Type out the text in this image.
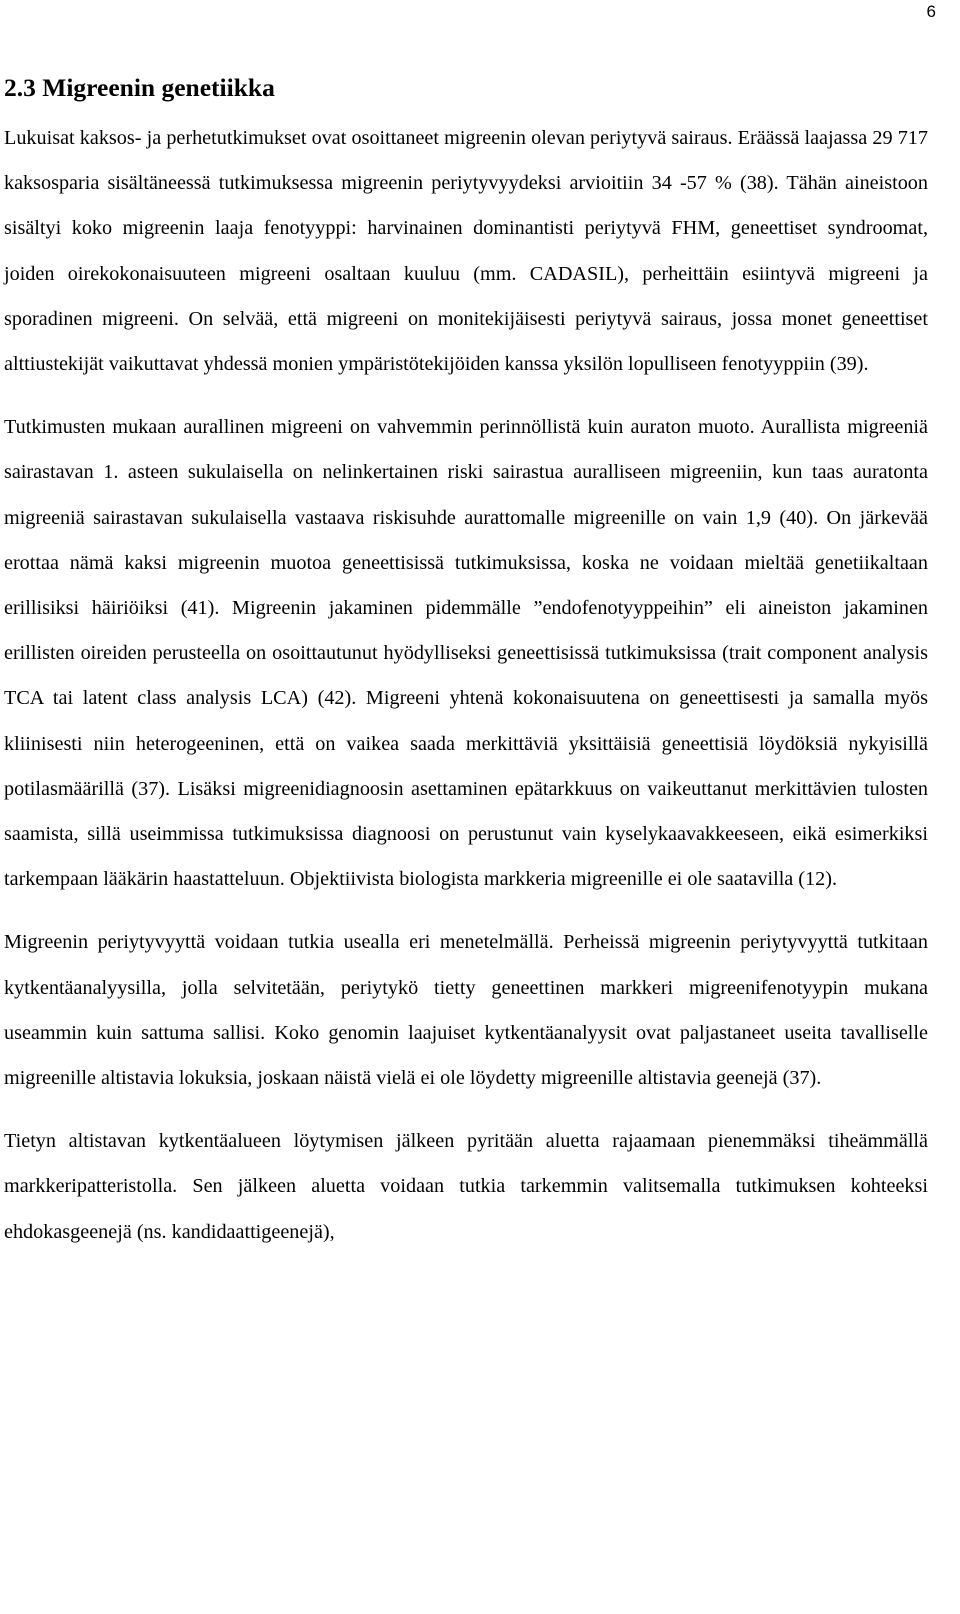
6
2.3 Migreenin genetiikka

Lukuisat kaksos- ja perhetutkimukset ovat osoittaneet migreenin olevan periytyvä sairaus. Eräässä laajassa 29 717 kaksosparia sisältäneessä tutkimuksessa migreenin periytyvyydeksi arvioitiin 34 -57 % (38). Tähän aineistoon sisältyi koko migreenin laaja fenotyyppi: harvinainen dominantisti periytyvä FHM, geneettiset syndroomat, joiden oirekokonaisuuteen migreeni osaltaan kuuluu (mm. CADASIL), perheittäin esiintyvä migreeni ja sporadinen migreeni. On selvää, että migreeni on monitekijäisesti periytyvä sairaus, jossa monet geneettiset alttiustekijät vaikuttavat yhdessä monien ympäristötekijöiden kanssa yksilön lopulliseen fenotyyppiin (39).

Tutkimusten mukaan aurallinen migreeni on vahvemmin perinnöllistä kuin auraton muoto. Aurallista migreeniä sairastavan 1. asteen sukulaisella on nelinkertainen riski sairastua auralliseen migreeniin, kun taas auratonta migreeniä sairastavan sukulaisella vastaava riskisuhde aurattomalle migreenille on vain 1,9 (40). On järkevää erottaa nämä kaksi migreenin muotoa geneettisissä tutkimuksissa, koska ne voidaan mieltää genetiikaltaan erillisiksi häiriöiksi (41). Migreenin jakaminen pidemmälle ”endofenotyyppeihin” eli aineiston jakaminen erillisten oireiden perusteella on osoittautunut hyödylliseksi geneettisissä tutkimuksissa (trait component analysis TCA tai latent class analysis LCA) (42). Migreeni yhtenä kokonaisuutena on geneettisesti ja samalla myös kliinisesti niin heterogeeninen, että on vaikea saada merkittäviä yksittäisiä geneettisiä löydöksiä nykyisillä potilasmäärillä (37). Lisäksi migreenidiagnoosin asettaminen epätarkkuus on vaikeuttanut merkittävien tulosten saamista, sillä useimmissa tutkimuksissa diagnoosi on perustunut vain kyselykaavakkeeseen, eikä esimerkiksi tarkempaan lääkärin haastatteluun. Objektiivista biologista markkeria migreenille ei ole saatavilla (12).

Migreenin periytyvyyttä voidaan tutkia usealla eri menetelmällä. Perheissä migreenin periytyvyyttä tutkitaan kytkentäanalyysilla, jolla selvitetään, periytykö tietty geneettinen markkeri migreenifenotyypin mukana useammin kuin sattuma sallisi. Koko genomin laajuiset kytkentäanalyysit ovat paljastaneet useita tavalliselle migreenille altistavia lokuksia, joskaan näistä vielä ei ole löydetty migreenille altistavia geenejä (37).

Tietyn altistavan kytkentäalueen löytymisen jälkeen pyritään aluetta rajaamaan pienemmäksi tiheämmällä markkeripatteristolla. Sen jälkeen aluetta voidaan tutkia tarkemmin valitsemalla tutkimuksen kohteeksi ehdokasgeenejä (ns. kandidaattigeenejä),
